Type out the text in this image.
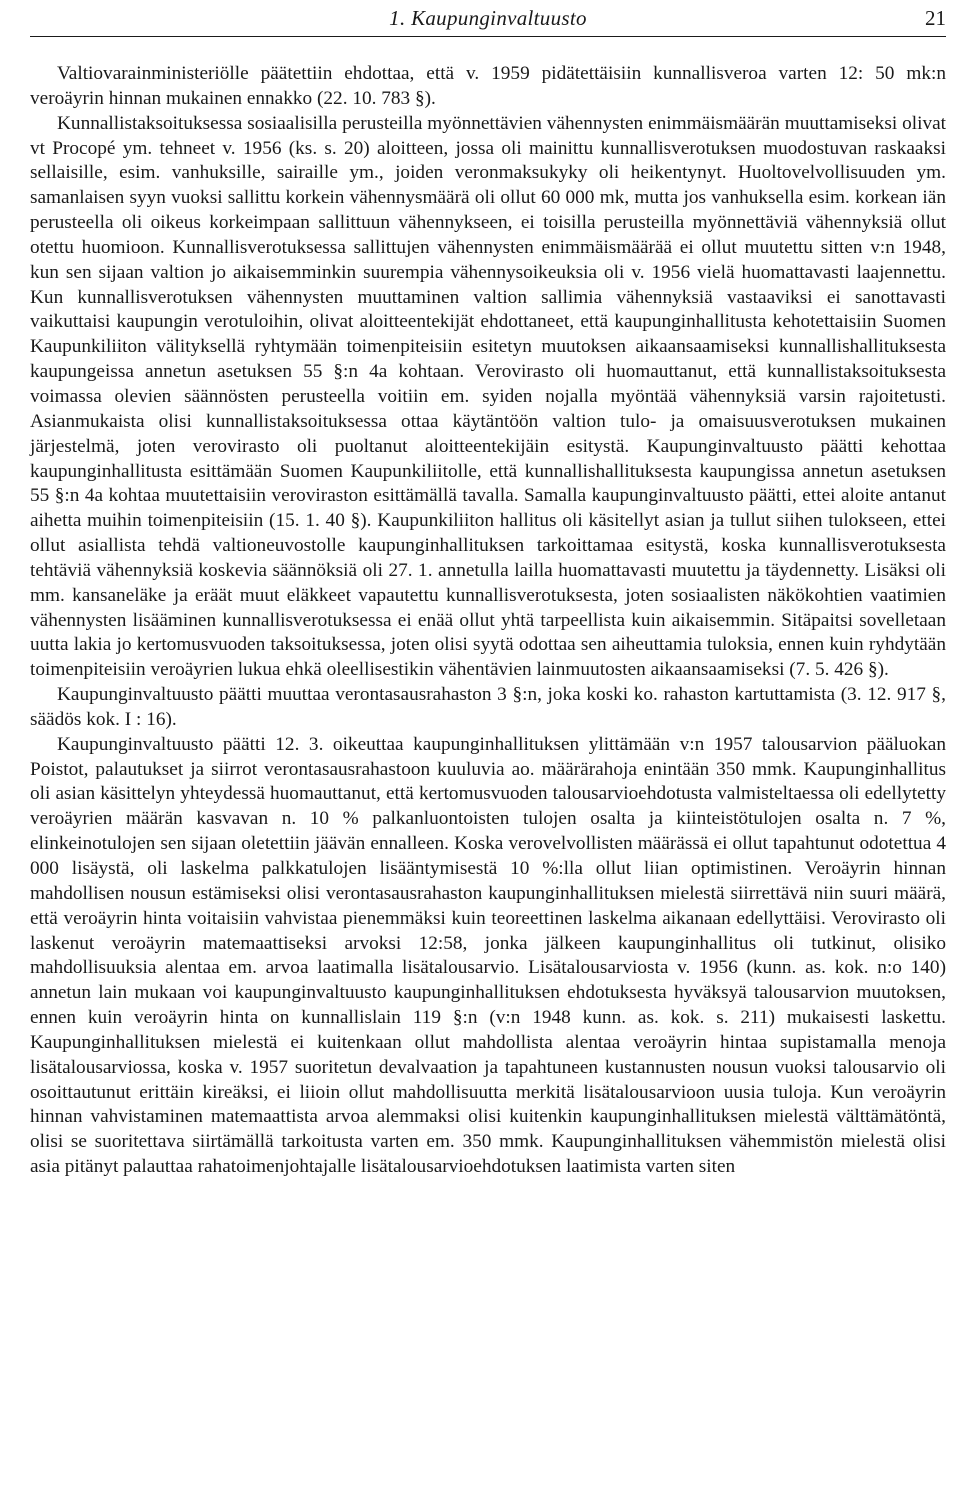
1. Kaupunginvaltuusto	21

Valtiovarainministeriölle päätettiin ehdottaa, että v. 1959 pidätettäisiin kunnallisveroa varten 12: 50 mk:n veroäyrin hinnan mukainen ennakko (22. 10. 783 §).

Kunnallistaksoituksessa sosiaalisilla perusteilla myönnettävien vähennysten enimmäismäärän muuttamiseksi olivat vt Procopé ym. tehneet v. 1956 (ks. s. 20) aloitteen, jossa oli mainittu kunnallisverotuksen muodostuvan raskaaksi sellaisille, esim. vanhuksille, sairaille ym., joiden veronmaksukyky oli heikentynyt. Huoltovelvollisuuden ym. samanlaisen syyn vuoksi sallittu korkein vähennysmäärä oli ollut 60 000 mk, mutta jos vanhuksella esim. korkean iän perusteella oli oikeus korkeimpaan sallittuun vähennykseen, ei toisilla perusteilla myönnettäviä vähennyksiä ollut otettu huomioon. Kunnallisverotuksessa sallittujen vähennysten enimmäismäärää ei ollut muutettu sitten v:n 1948, kun sen sijaan valtion jo aikaisemminkin suurempia vähennysoikeuksia oli v. 1956 vielä huomattavasti laajennettu. Kun kunnallisverotuksen vähennysten muuttaminen valtion sallimia vähennyksiä vastaaviksi ei sanottavasti vaikuttaisi kaupungin verotuloihin, olivat aloitteentekijät ehdottaneet, että kaupunginhallitusta kehotettaisiin Suomen Kaupunkiliiton välityksellä ryhtymään toimenpiteisiin esitetyn muutoksen aikaansaamiseksi kunnallishallituksesta kaupungeissa annetun asetuksen 55 §:n 4a kohtaan. Verovirasto oli huomauttanut, että kunnallistaksoituksesta voimassa olevien säännösten perusteella voitiin em. syiden nojalla myöntää vähennyksiä varsin rajoitetusti. Asianmukaista olisi kunnallistaksoituksessa ottaa käytäntöön valtion tulo- ja omaisuusverotuksen mukainen järjestelmä, joten verovirasto oli puoltanut aloitteentekijäin esitystä. Kaupunginvaltuusto päätti kehottaa kaupunginhallitusta esittämään Suomen Kaupunkiliitolle, että kunnallishallituksesta kaupungissa annetun asetuksen 55 §:n 4a kohtaa muutettaisiin veroviraston esittämällä tavalla. Samalla kaupunginvaltuusto päätti, ettei aloite antanut aihetta muihin toimenpiteisiin (15. 1. 40 §). Kaupunkiliiton hallitus oli käsitellyt asian ja tullut siihen tulokseen, ettei ollut asiallista tehdä valtioneuvostolle kaupunginhallituksen tarkoittamaa esitystä, koska kunnallisverotuksesta tehtäviä vähennyksiä koskevia säännöksiä oli 27. 1. annetulla lailla huomattavasti muutettu ja täydennetty. Lisäksi oli mm. kansaneläke ja eräät muut eläkkeet vapautettu kunnallisverotuksesta, joten sosiaalisten näkökohtien vaatimien vähennysten lisääminen kunnallisverotuksessa ei enää ollut yhtä tarpeellista kuin aikaisemmin. Sitäpaitsi sovelletaan uutta lakia jo kertomusvuoden taksoituksessa, joten olisi syytä odottaa sen aiheuttamia tuloksia, ennen kuin ryhdytään toimenpiteisiin veroäyrien lukua ehkä oleellisestikin vähentävien lainmuutosten aikaansaamiseksi (7. 5. 426 §).

Kaupunginvaltuusto päätti muuttaa verontasausrahaston 3 §:n, joka koski ko. rahaston kartuttamista (3. 12. 917 §, säädös kok. I : 16).

Kaupunginvaltuusto päätti 12. 3. oikeuttaa kaupunginhallituksen ylittämään v:n 1957 talousarvion pääluokan Poistot, palautukset ja siirrot verontasausrahastoon kuuluvia ao. määrärahoja enintään 350 mmk. Kaupunginhallitus oli asian käsittelyn yhteydessä huomauttanut, että kertomusvuoden talousarvioehdotusta valmisteltaessa oli edellytetty veroäyrien määrän kasvavan n. 10 % palkanluontoisten tulojen osalta ja kiinteistötulojen osalta n. 7 %, elinkeinotulojen sen sijaan oletettiin jäävän ennalleen. Koska verovelvollisten määrässä ei ollut tapahtunut odotettua 4 000 lisäystä, oli laskelma palkkatulojen lisääntymisestä 10 %:lla ollut liian optimistinen. Veroäyrin hinnan mahdollisen nousun estämiseksi olisi verontasausrahaston kaupunginhallituksen mielestä siirrettävä niin suuri määrä, että veroäyrin hinta voitaisiin vahvistaa pienemmäksi kuin teoreettinen laskelma aikanaan edellyttäisi. Verovirasto oli laskenut veroäyrin matemaattiseksi arvoksi 12:58, jonka jälkeen kaupunginhallitus oli tutkinut, olisiko mahdollisuuksia alentaa em. arvoa laatimalla lisätalousarvio. Lisätalousarviosta v. 1956 (kunn. as. kok. n:o 140) annetun lain mukaan voi kaupunginvaltuusto kaupunginhallituksen ehdotuksesta hyväksyä talousarvion muutoksen, ennen kuin veroäyrin hinta on kunnallislain 119 §:n (v:n 1948 kunn. as. kok. s. 211) mukaisesti laskettu. Kaupunginhallituksen mielestä ei kuitenkaan ollut mahdollista alentaa veroäyrin hintaa supistamalla menoja lisätalousarviossa, koska v. 1957 suoritetun devalvaation ja tapahtuneen kustannusten nousun vuoksi talousarvio oli osoittautunut erittäin kireäksi, ei liioin ollut mahdollisuutta merkitä lisätalousarvioon uusia tuloja. Kun veroäyrin hinnan vahvistaminen matemaattista arvoa alemmaksi olisi kuitenkin kaupunginhallituksen mielestä välttämätöntä, olisi se suoritettava siirtämällä tarkoitusta varten em. 350 mmk. Kaupunginhallituksen vähemmistön mielestä olisi asia pitänyt palauttaa rahatoimenjohtajalle lisätalousarvioehdotuksen laatimista varten siten
